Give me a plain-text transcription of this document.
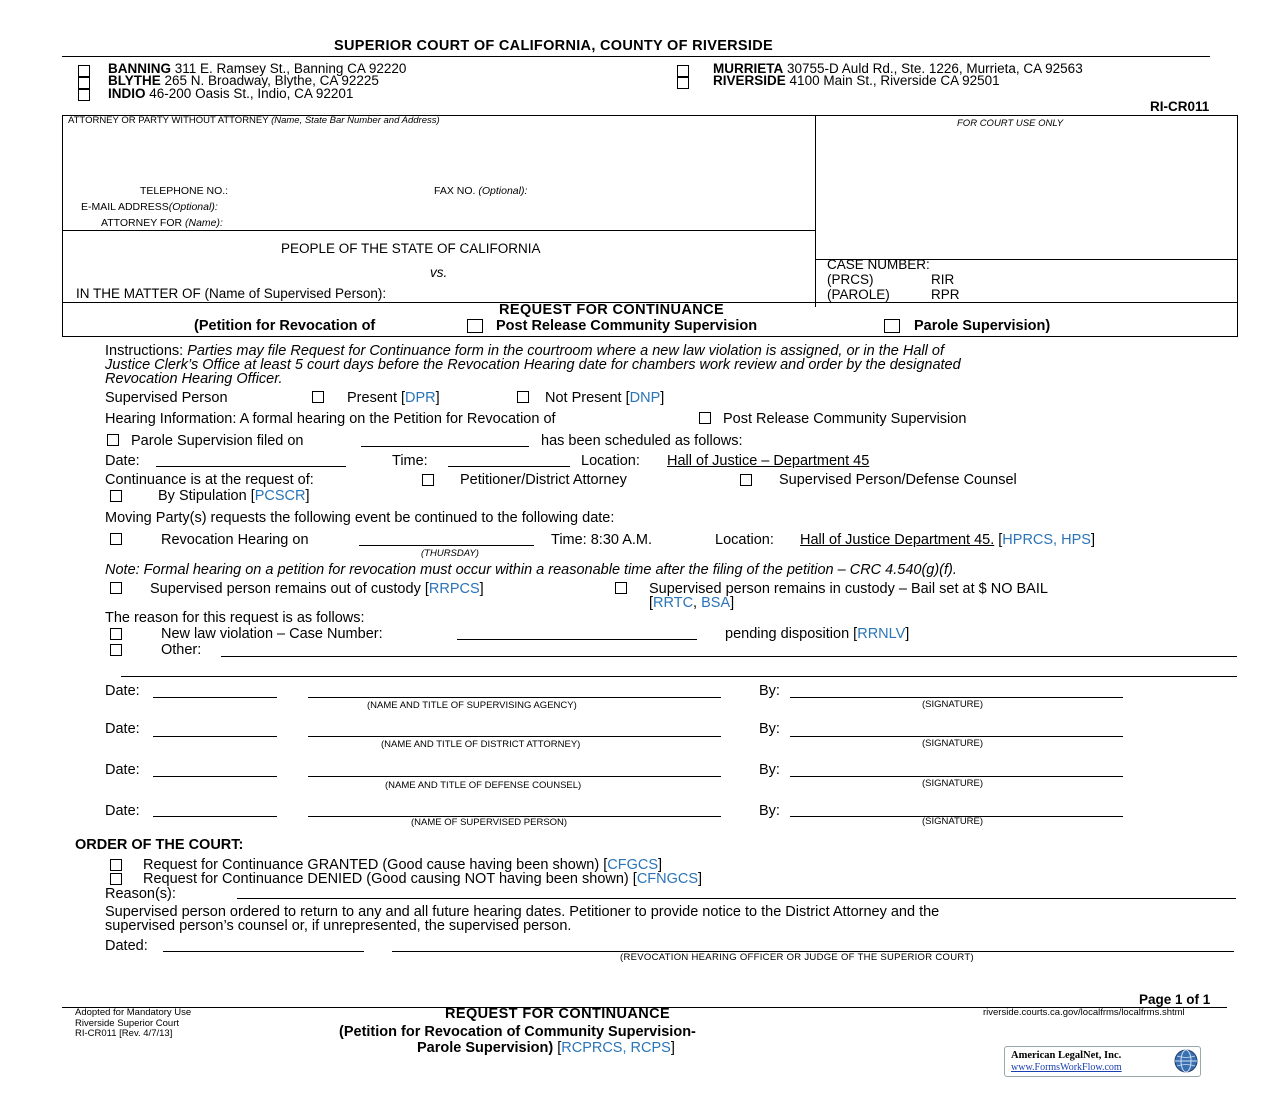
SUPERIOR COURT OF CALIFORNIA, COUNTY OF RIVERSIDE
BANNING 311 E. Ramsey St., Banning CA 92220
BLYTHE 265 N. Broadway, Blythe, CA 92225
INDIO 46-200 Oasis St., Indio, CA 92201
MURRIETA 30755-D Auld Rd., Ste. 1226, Murrieta, CA 92563
RIVERSIDE 4100 Main St., Riverside CA 92501
RI-CR011
ATTORNEY OR PARTY WITHOUT ATTORNEY (Name, State Bar Number and Address)	FOR COURT USE ONLY
TELEPHONE NO.:	FAX NO. (Optional):
E-MAIL ADDRESS(Optional):
ATTORNEY FOR (Name):
PEOPLE OF THE STATE OF CALIFORNIA
vs.
IN THE MATTER OF (Name of Supervised Person):
CASE NUMBER:
(PRCS)	RIR
(PAROLE)	RPR
REQUEST FOR CONTINUANCE
(Petition for Revocation of	Post Release Community Supervision	Parole Supervision)
Instructions: Parties may file Request for Continuance form in the courtroom where a new law violation is assigned, or in the Hall of
Justice Clerk’s Office at least 5 court days before the Revocation Hearing date for chambers work review and order by the designated
Revocation Hearing Officer.
Supervised Person	Present [DPR]	Not Present [DNP]
Hearing Information: A formal hearing on the Petition for Revocation of	Post Release Community Supervision
Parole Supervision filed on	has been scheduled as follows:
Date:	Time:	Location: Hall of Justice – Department 45
Continuance is at the request of:	Petitioner/District Attorney	Supervised Person/Defense Counsel
By Stipulation [PCSCR]
Moving Party(s) requests the following event be continued to the following date:
Revocation Hearing on
(THURSDAY)
Time: 8:30 A.M.	Location: Hall of Justice Department 45. [HPRCS, HPS]
Note: Formal hearing on a petition for revocation must occur within a reasonable time after the filing of the petition – CRC 4.540(g)(f).
Supervised person remains out of custody [RRPCS]	Supervised person remains in custody – Bail set at $ NO BAIL
[RRTC, BSA]
The reason for this request is as follows:
New law violation – Case Number:	pending disposition [RRNLV]
Other:
Date:
(NAME AND TITLE OF SUPERVISING AGENCY)
By:
(SIGNATURE)
Date:
(NAME AND TITLE OF DISTRICT ATTORNEY)
By:
(SIGNATURE)
Date:
(NAME AND TITLE OF DEFENSE COUNSEL)
By:
(SIGNATURE)
Date:
(NAME OF SUPERVISED PERSON)
By:
(SIGNATURE)
ORDER OF THE COURT:
Request for Continuance GRANTED (Good cause having been shown) [CFGCS]
Request for Continuance DENIED (Good causing NOT having been shown) [CFNGCS]
Reason(s):
Supervised person ordered to return to any and all future hearing dates. Petitioner to provide notice to the District Attorney and the
supervised person’s counsel or, if unrepresented, the supervised person.
Dated:
(REVOCATION HEARING OFFICER OR JUDGE OF THE SUPERIOR COURT)
Page 1 of 1
Adopted for Mandatory Use
Riverside Superior Court
RI-CR011 [Rev. 4/7/13]
REQUEST FOR CONTINUANCE
(Petition for Revocation of Community Supervision-
Parole Supervision) [RCPRCS, RCPS]
riverside.courts.ca.gov/localfrms/localfrms.shtml
American LegalNet, Inc.
www.FormsWorkFlow.com
